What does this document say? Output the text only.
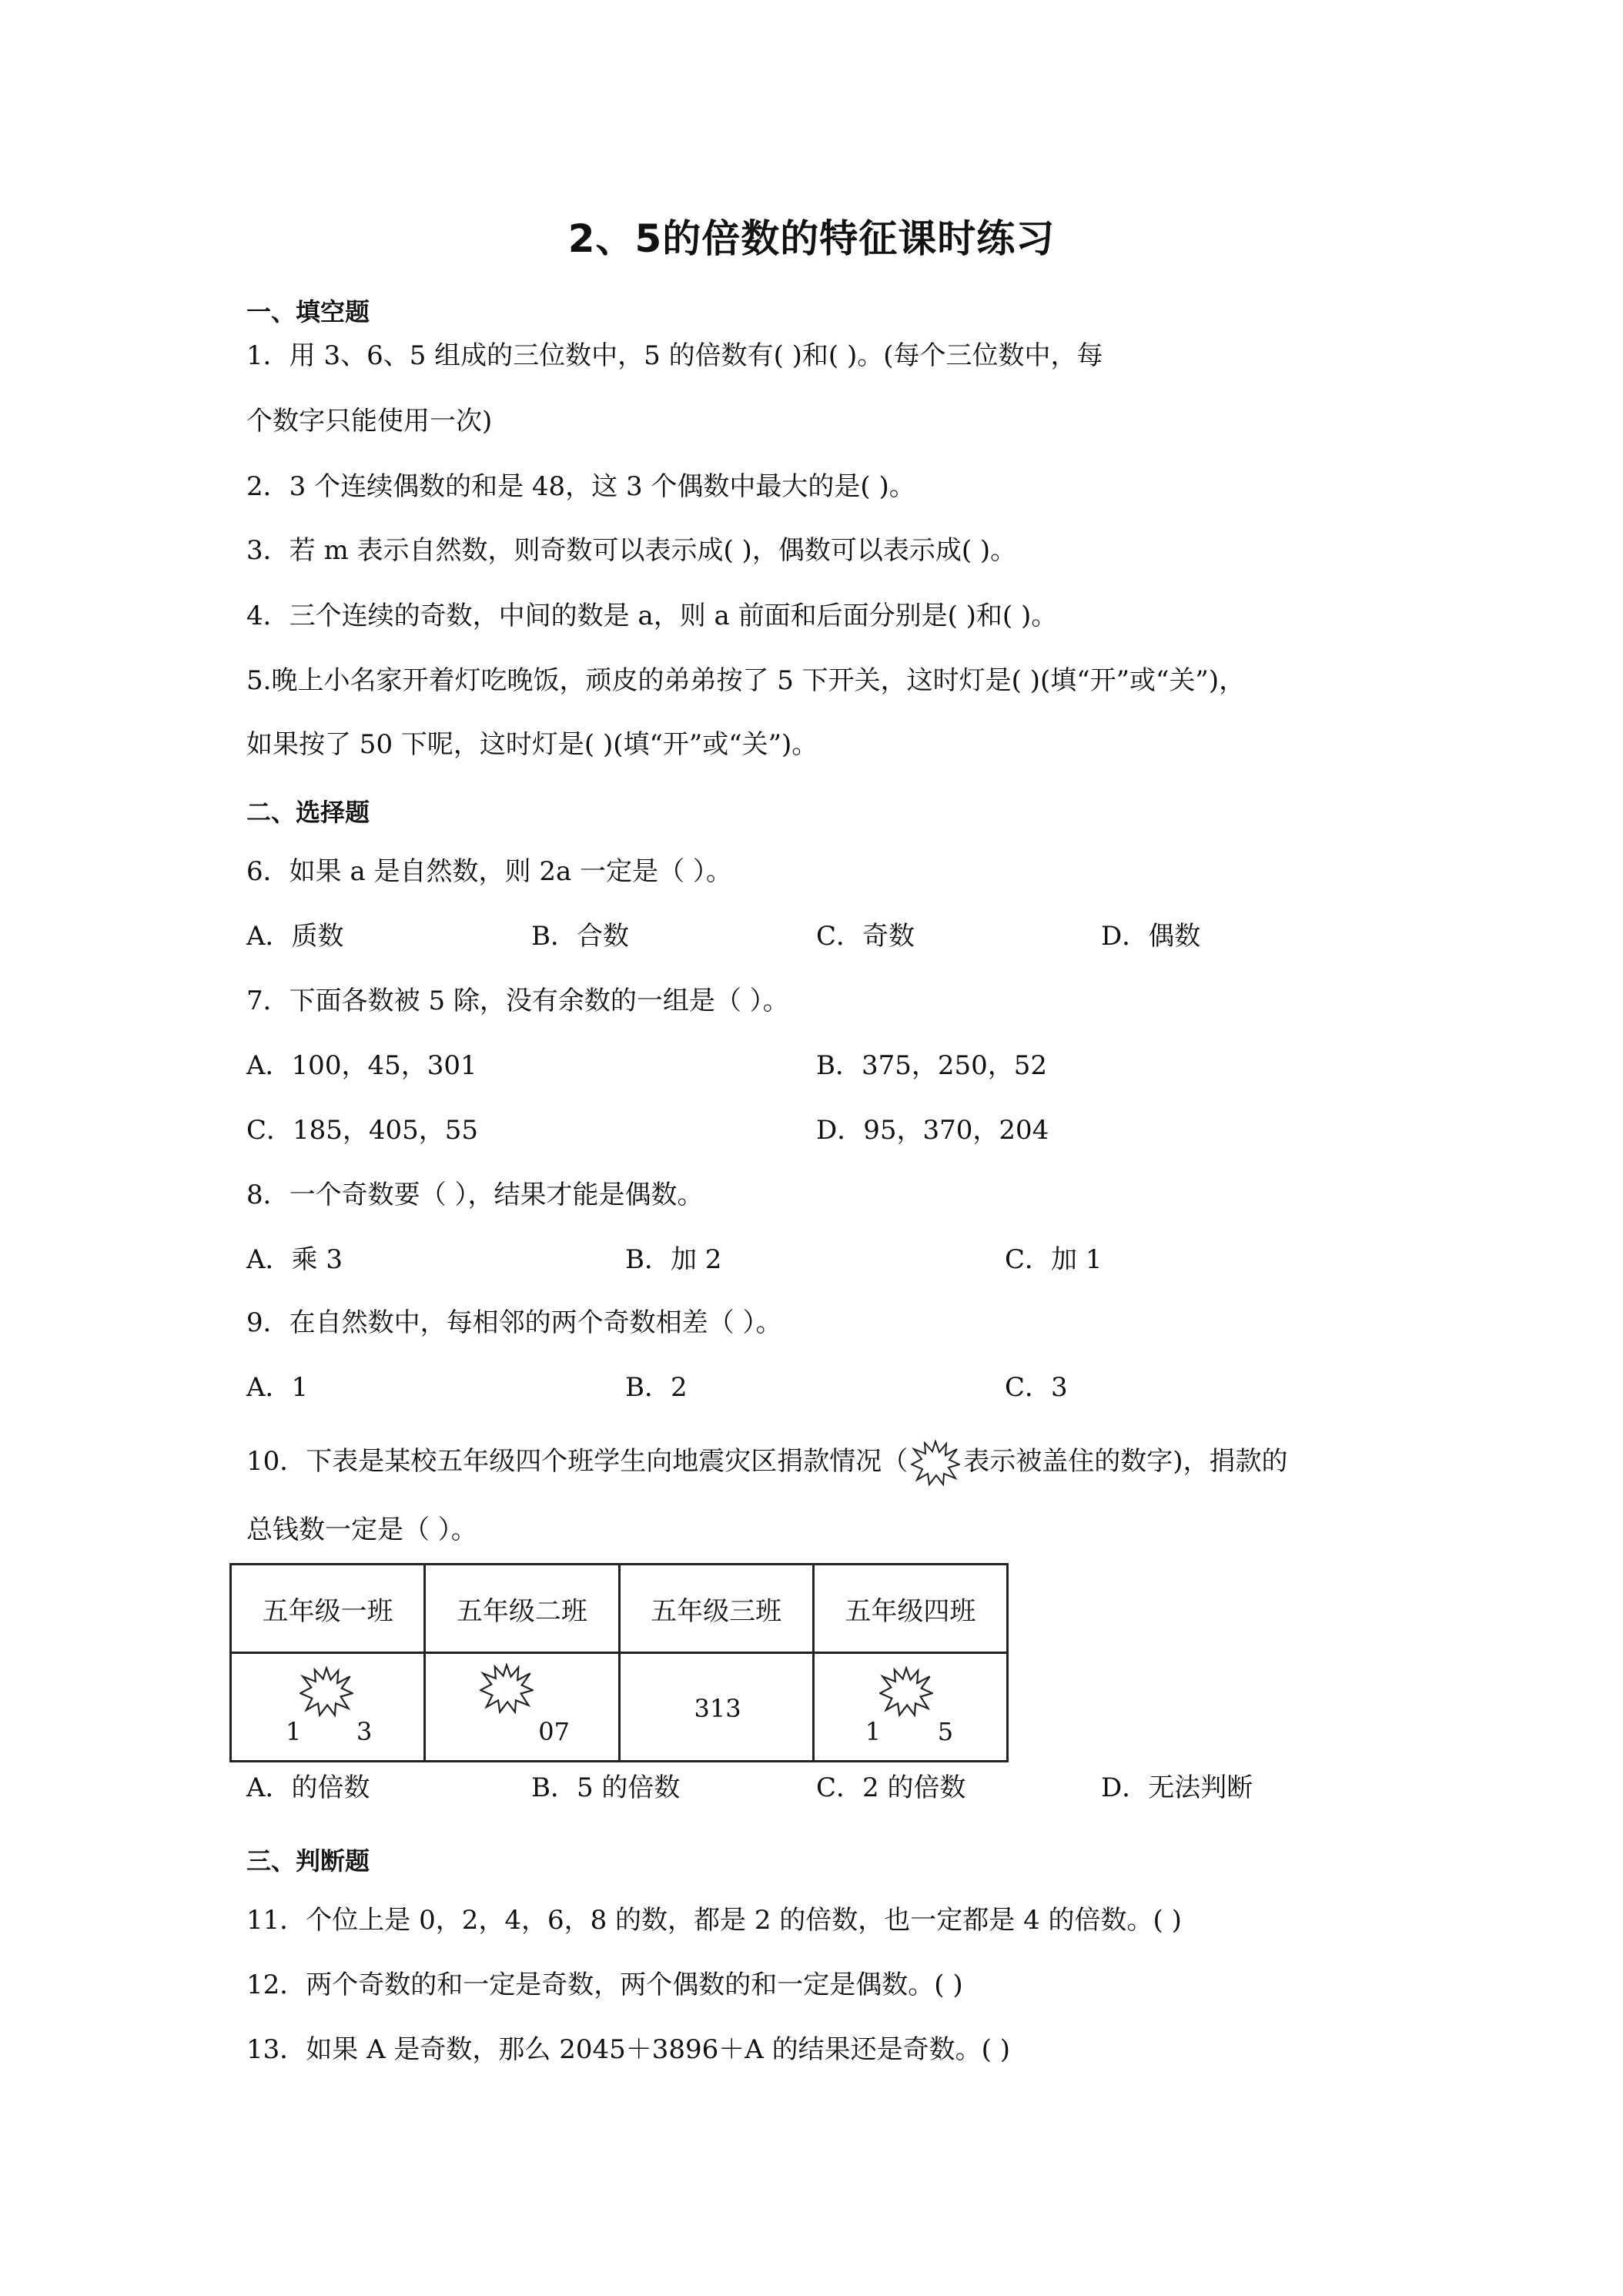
2、5的倍数的特征课时练习
一、填空题
1．用 3、6、5 组成的三位数中，5 的倍数有( )和( )。(每个三位数中，每
个数字只能使用一次)
2．3 个连续偶数的和是 48，这 3 个偶数中最大的是( )。
3．若 m 表示自然数，则奇数可以表示成( )，偶数可以表示成( )。
4．三个连续的奇数，中间的数是 a，则 a 前面和后面分别是( )和( )。
5.晚上小名家开着灯吃晚饭，顽皮的弟弟按了 5 下开关，这时灯是( )(填“开”或“关”)，
如果按了 50 下呢，这时灯是( )(填“开”或“关”)。
二、选择题
6．如果 a 是自然数，则 2a 一定是（ ）。
A．质数	B．合数	C．奇数	D．偶数
7．下面各数被 5 除，没有余数的一组是（ ）。
A．100，45，301	B．375，250，52
C．185，405，55	D．95，370，204
8．一个奇数要（ ），结果才能是偶数。
A．乘 3	B．加 2	C．加 1
9．在自然数中，每相邻的两个奇数相差（ ）。
A．1	B．2	C．3
10．下表是某校五年级四个班学生向地震灾区捐款情况（ 表示被盖住的数字)，捐款的
总钱数一定是（ ）。
五年级一班	五年级二班	五年级三班	五年级四班

1 3	07	313	1 5
A．的倍数	B．5 的倍数	C．2 的倍数	D．无法判断
三、判断题
11．个位上是 0，2，4，6，8 的数，都是 2 的倍数，也一定都是 4 的倍数。( )
12．两个奇数的和一定是奇数，两个偶数的和一定是偶数。( )
13．如果 A 是奇数，那么 2045＋3896＋A 的结果还是奇数。( )
